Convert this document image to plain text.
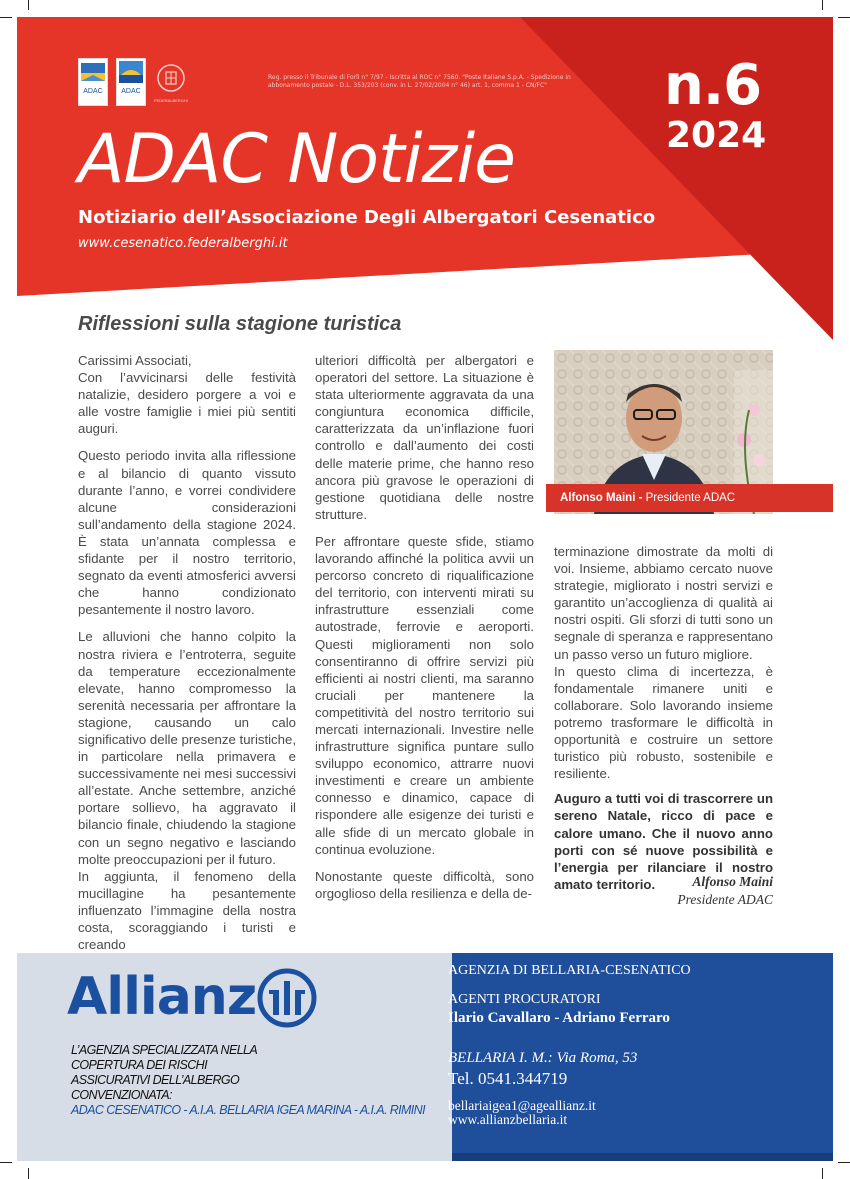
ADAC	ADAC
FEDERALBERGHI
Reg. presso il Tribunale di Forlì n° 7/97 - Iscritta al ROC n° 7560. "Poste Italiane S.p.A. - Spedizione in abbonamento postale - D.L. 353/203 (conv. in L. 27/02/2004 n° 46) art. 1, comma 1 - CN/FC"	n.6
2024
ADAC Notizie
Notiziario dell’Associazione Degli Albergatori Cesenatico
www.cesenatico.federalberghi.it
Riflessioni sulla stagione turistica

Carissimi Associati,
Con l’avvicinarsi delle festività natalizie, desidero porgere a voi e alle vostre famiglie i miei più sentiti auguri.

Questo periodo invita alla riflessione e al bilancio di quanto vissuto durante l’anno, e vorrei condividere alcune considerazioni sull’andamento della stagione 2024. È stata un’annata complessa e sfidante per il nostro territorio, segnato da eventi atmosferici avversi che hanno condizionato pesantemente il nostro lavoro.

Le alluvioni che hanno colpito la nostra riviera e l’entroterra, seguite da temperature eccezionalmente elevate, hanno compromesso la serenità necessaria per affrontare la stagione, causando un calo significativo delle presenze turistiche, in particolare nella primavera e successivamente nei mesi successivi all’estate. Anche settembre, anziché portare sollievo, ha aggravato il bilancio finale, chiudendo la stagione con un segno negativo e lasciando molte preoccupazioni per il futuro.
In aggiunta, il fenomeno della mucillagine ha pesantemente influenzato l’immagine della nostra costa, scoraggiando i turisti e creando

ulteriori difficoltà per albergatori e operatori del settore. La situazione è stata ulteriormente aggravata da una congiuntura economica difficile, caratterizzata da un’inflazione fuori controllo e dall’aumento dei costi delle materie prime, che hanno reso ancora più gravose le operazioni di gestione quotidiana delle nostre strutture.

Per affrontare queste sfide, stiamo lavorando affinché la politica avvii un percorso concreto di riqualificazione del territorio, con interventi mirati su infrastrutture essenziali come autostrade, ferrovie e aeroporti. Questi miglioramenti non solo consentiranno di offrire servizi più efficienti ai nostri clienti, ma saranno cruciali per mantenere la competitività del nostro territorio sui mercati internazionali. Investire nelle infrastrutture significa puntare sullo sviluppo economico, attrarre nuovi investimenti e creare un ambiente connesso e dinamico, capace di rispondere alle esigenze dei turisti e alle sfide di un mercato globale in continua evoluzione.

Nonostante queste difficoltà, sono orgoglioso della resilienza e della de-

Alfonso Maini - Presidente ADAC

terminazione dimostrate da molti di voi. Insieme, abbiamo cercato nuove strategie, migliorato i nostri servizi e garantito un’accoglienza di qualità ai nostri ospiti. Gli sforzi di tutti sono un segnale di speranza e rappresentano un passo verso un futuro migliore.
In questo clima di incertezza, è fondamentale rimanere uniti e collaborare. Solo lavorando insieme potremo trasformare le difficoltà in opportunità e costruire un settore turistico più robusto, sostenibile e resiliente.

Auguro a tutti voi di trascorrere un sereno Natale, ricco di pace e calore umano. Che il nuovo anno porti con sé nuove possibilità e l’energia per rilanciare il nostro amato territorio.	Alfonso Maini
Presidente ADAC
Allianz
L’AGENZIA SPECIALIZZATA NELLA
COPERTURA DEI RISCHI
ASSICURATIVI DELL’ALBERGO
CONVENZIONATA:
ADAC CESENATICO - A.I.A. BELLARIA IGEA MARINA - A.I.A. RIMINI
AGENZIA DI BELLARIA-CESENATICO
AGENTI PROCURATORI
Ilario Cavallaro - Adriano Ferraro
BELLARIA I. M.: Via Roma, 53
Tel. 0541.344719
bellariaigea1@ageallianz.it
www.allianzbellaria.it
